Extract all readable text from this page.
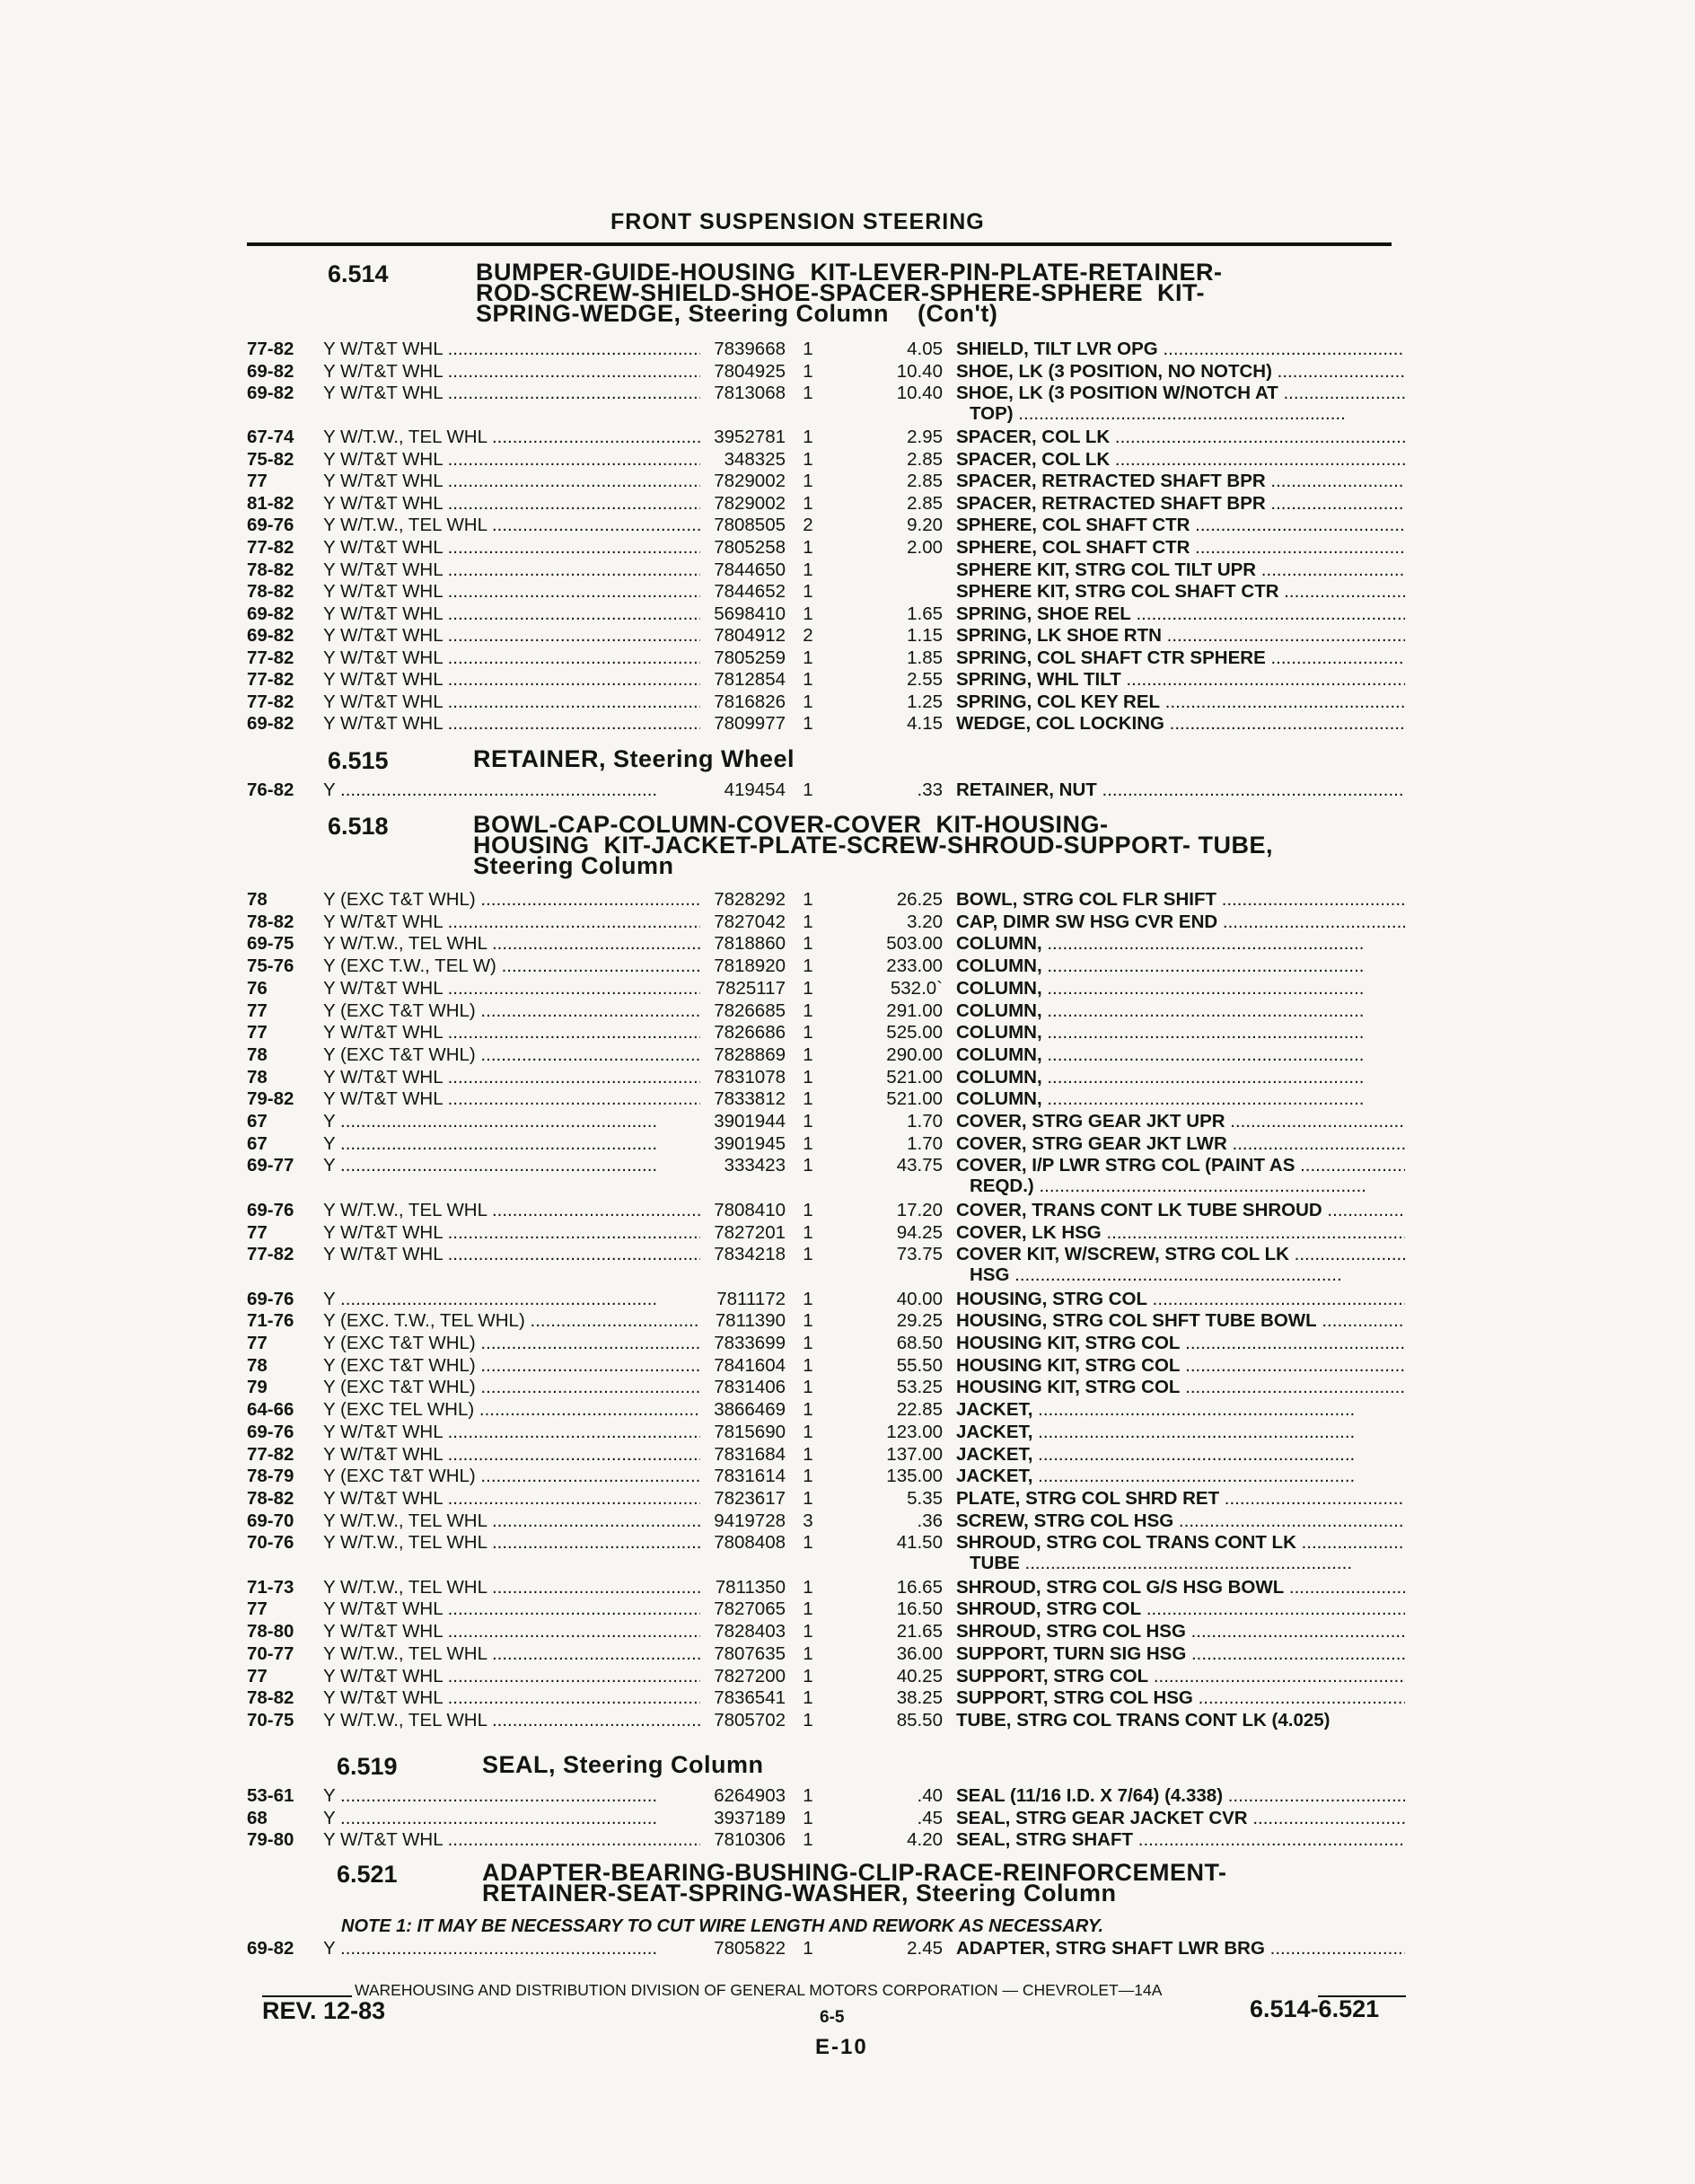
FRONT SUSPENSION STEERING
6.514	BUMPER-GUIDE-HOUSING  KIT-LEVER-PIN-PLATE-RETAINER-
ROD-SCREW-SHIELD-SHOE-SPACER-SPHERE-SPHERE  KIT-
SPRING-WEDGE, Steering Column    (Con't)
6.515	RETAINER, Steering Wheel
6.518	BOWL-CAP-COLUMN-COVER-COVER  KIT-HOUSING-
HOUSING  KIT-JACKET-PLATE-SCREW-SHROUD-SUPPORT- TUBE,
Steering Column
6.519	SEAL, Steering Column
6.521	ADAPTER-BEARING-BUSHING-CLIP-RACE-REINFORCEMENT-
RETAINER-SEAT-SPRING-WASHER, Steering Column
NOTE 1: IT MAY BE NECESSARY TO CUT WIRE LENGTH AND REWORK AS NECESSARY.
77-82	Y W/T&T WHL .....	7839668 1	4.05 SHIELD, TILT LVR OPG .....
69-82	Y W/T&T WHL .....	7804925 1	10.40 SHOE, LK (3 POSITION, NO NOTCH) .....
69-82	Y W/T&T WHL .....	7813068 1	10.40 SHOE, LK (3 POSITION W/NOTCH AT .....
TOP) .....
67-74	Y W/T.W., TEL WHL .....	3952781 1	2.95 SPACER, COL LK .....
75-82	Y W/T&T WHL .....	348325 1	2.85 SPACER, COL LK .....
77	Y W/T&T WHL .....	7829002 1	2.85 SPACER, RETRACTED SHAFT BPR .....
81-82	Y W/T&T WHL .....	7829002 1	2.85 SPACER, RETRACTED SHAFT BPR .....
69-76	Y W/T.W., TEL WHL .....	7808505 2	9.20 SPHERE, COL SHAFT CTR .....
77-82	Y W/T&T WHL .....	7805258 1	2.00 SPHERE, COL SHAFT CTR .....
78-82	Y W/T&T WHL .....	7844650 1	SPHERE KIT, STRG COL TILT UPR .....
78-82	Y W/T&T WHL .....	7844652 1	SPHERE KIT, STRG COL SHAFT CTR .....
69-82	Y W/T&T WHL .....	5698410 1	1.65 SPRING, SHOE REL .....
69-82	Y W/T&T WHL .....	7804912 2	1.15 SPRING, LK SHOE RTN .....
77-82	Y W/T&T WHL .....	7805259 1	1.85 SPRING, COL SHAFT CTR SPHERE .....
77-82	Y W/T&T WHL .....	7812854 1	2.55 SPRING, WHL TILT .....
77-82	Y W/T&T WHL .....	7816826 1	1.25 SPRING, COL KEY REL .....
69-82	Y W/T&T WHL .....	7809977 1	4.15 WEDGE, COL LOCKING .....
76-82	Y .....	419454 1	.33 RETAINER, NUT .....
78	Y (EXC T&T WHL) .....	7828292 1	26.25 BOWL, STRG COL FLR SHIFT .....
78-82	Y W/T&T WHL .....	7827042 1	3.20 CAP, DIMR SW HSG CVR END .....
69-75	Y W/T.W., TEL WHL .....	7818860 1	503.00 COLUMN, .....
75-76	Y (EXC T.W., TEL W) .....	7818920 1	233.00 COLUMN, .....
76	Y W/T&T WHL .....	7825117 1	532.0` COLUMN, .....
77	Y (EXC T&T WHL) .....	7826685 1	291.00 COLUMN, .....
77	Y W/T&T WHL .....	7826686 1	525.00 COLUMN, .....
78	Y (EXC T&T WHL) .....	7828869 1	290.00 COLUMN, .....
78	Y W/T&T WHL .....	7831078 1	521.00 COLUMN, .....
79-82	Y W/T&T WHL .....	7833812 1	521.00 COLUMN, .....
67	Y .....	3901944 1	1.70 COVER, STRG GEAR JKT UPR .....
67	Y .....	3901945 1	1.70 COVER, STRG GEAR JKT LWR .....
69-77	Y .....	333423 1	43.75 COVER, I/P LWR STRG COL (PAINT AS .....
REQD.) .....
69-76	Y W/T.W., TEL WHL .....	7808410 1	17.20 COVER, TRANS CONT LK TUBE SHROUD .....
77	Y W/T&T WHL .....	7827201 1	94.25 COVER, LK HSG .....
77-82	Y W/T&T WHL .....	7834218 1	73.75 COVER KIT, W/SCREW, STRG COL LK .....
HSG .....
69-76	Y .....	7811172 1	40.00 HOUSING, STRG COL .....
71-76	Y (EXC. T.W., TEL WHL) .....	7811390 1	29.25 HOUSING, STRG COL SHFT TUBE BOWL .....
77	Y (EXC T&T WHL) .....	7833699 1	68.50 HOUSING KIT, STRG COL .....
78	Y (EXC T&T WHL) .....	7841604 1	55.50 HOUSING KIT, STRG COL .....
79	Y (EXC T&T WHL) .....	7831406 1	53.25 HOUSING KIT, STRG COL .....
64-66	Y (EXC TEL WHL) .....	3866469 1	22.85 JACKET, .....
69-76	Y W/T&T WHL .....	7815690 1	123.00 JACKET, .....
77-82	Y W/T&T WHL .....	7831684 1	137.00 JACKET, .....
78-79	Y (EXC T&T WHL) .....	7831614 1	135.00 JACKET, .....
78-82	Y W/T&T WHL .....	7823617 1	5.35 PLATE, STRG COL SHRD RET .....
69-70	Y W/T.W., TEL WHL .....	9419728 3	.36 SCREW, STRG COL HSG .....
70-76	Y W/T.W., TEL WHL .....	7808408 1	41.50 SHROUD, STRG COL TRANS CONT LK .....
TUBE .....
71-73	Y W/T.W., TEL WHL .....	7811350 1	16.65 SHROUD, STRG COL G/S HSG BOWL .....
77	Y W/T&T WHL .....	7827065 1	16.50 SHROUD, STRG COL .....
78-80	Y W/T&T WHL .....	7828403 1	21.65 SHROUD, STRG COL HSG .....
70-77	Y W/T.W., TEL WHL .....	7807635 1	36.00 SUPPORT, TURN SIG HSG .....
77	Y W/T&T WHL .....	7827200 1	40.25 SUPPORT, STRG COL .....
78-82	Y W/T&T WHL .....	7836541 1	38.25 SUPPORT, STRG COL HSG .....
70-75	Y W/T.W., TEL WHL .....	7805702 1	85.50 TUBE, STRG COL TRANS CONT LK (4.025)
53-61	Y .....	6264903 1	.40 SEAL (11/16 I.D. X 7/64) (4.338) .....
68	Y .....	3937189 1	.45 SEAL, STRG GEAR JACKET CVR .....
79-80	Y W/T&T WHL .....	7810306 1	4.20 SEAL, STRG SHAFT .....
69-82	Y .....	7805822 1	2.45 ADAPTER, STRG SHAFT LWR BRG .....
WAREHOUSING AND DISTRIBUTION DIVISION OF GENERAL MOTORS CORPORATION — CHEVROLET—14A
REV. 12-83	6-5
E-10
6.514-6.521
